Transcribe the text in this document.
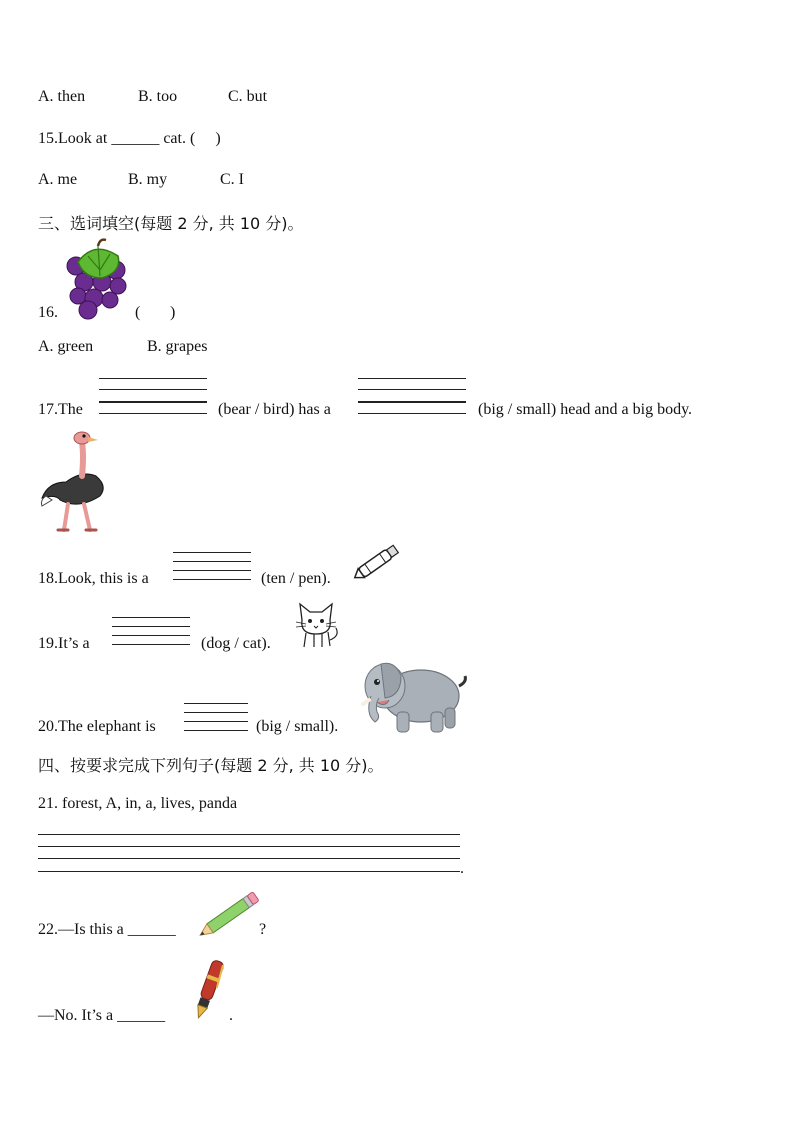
A. then	B. too	C. but
15.Look at ______ cat. ( )
A. me	B. my	C. I
三、选词填空(每题 2 分, 共 10 分)。
16.	( )
A. green	B. grapes
17.The	(bear / bird) has a	(big / small) head and a big body.
18.Look, this is a	(ten / pen).
19.It’s a	(dog / cat).
20.The elephant is	(big / small).
四、按要求完成下列句子(每题 2 分, 共 10 分)。
21. forest, A, in, a, lives, panda
.
22.—Is this a ______	?
—No. It’s a ______	.
